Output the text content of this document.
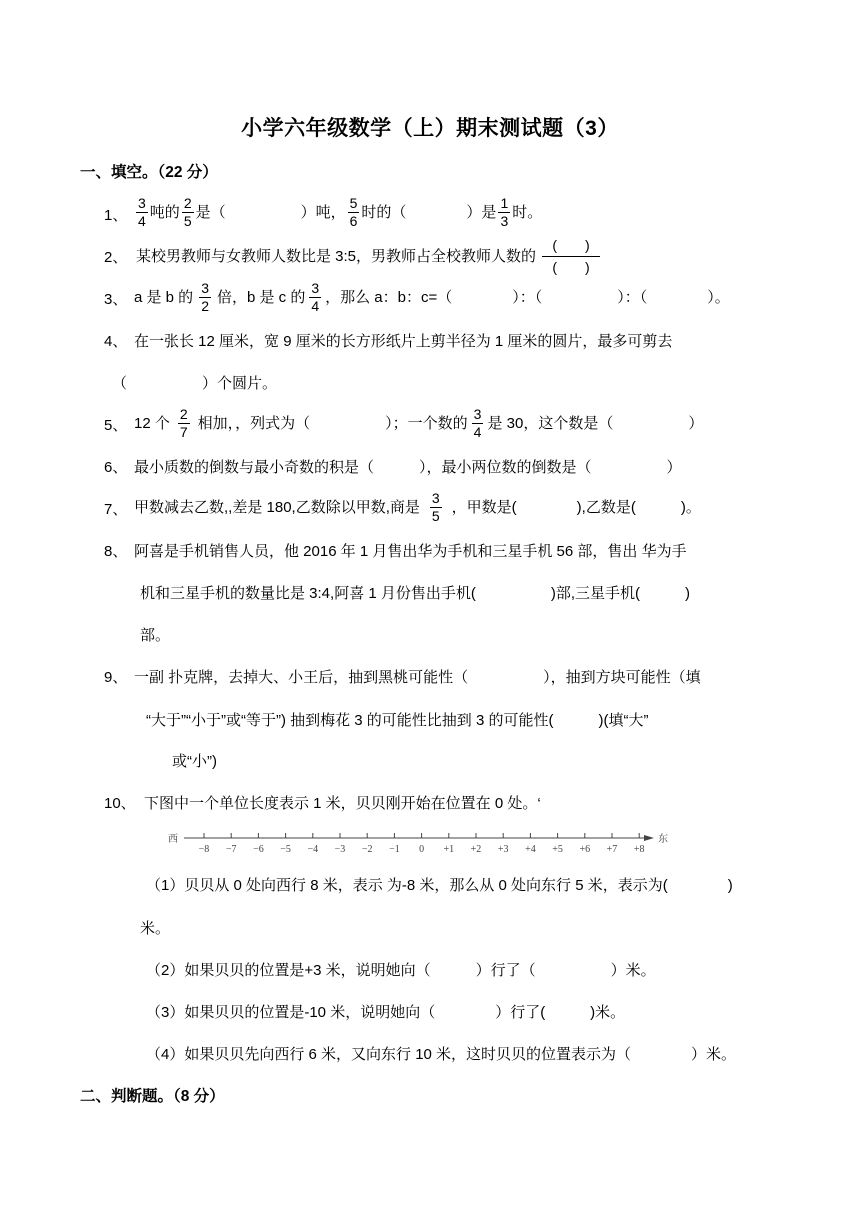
小学六年级数学（上）期末测试题（3）
一、填空。（22 分）
1、 $\frac{3}{4}$ 吨的 $\frac{2}{5}$ 是（　　　　　）吨， $\frac{5}{6}$ 时的（　　　　）是 $\frac{1}{3}$ 时。
2、 某校男教师与女教师人数比是 3:5，男教师占全校教师人数的
(　　)
(　　)
3、 a 是 b 的 $\frac{3}{2}$ 倍，b 是 c 的 $\frac{3}{4}$ ，那么 a：b：c=（　　　　）：（　　　　　）：（　　　　）。
4、 在一张长 12 厘米，宽 9 厘米的长方形纸片上剪半径为 1 厘米的圆片，最多可剪去
（　　　　　）个圆片。
5、 12 个 $\frac{2}{7}$ 相加，，列式为（　　　　　）；一个数的 $\frac{3}{4}$ 是 30，这个数是（　　　　　）
6、 最小质数的倒数与最小奇数的积是（　　　），最小两位数的倒数是（　　　　　）
7、 甲数减去乙数,,差是 180,乙数除以甲数,商是 $\frac{3}{5}$ ，甲数是(　　　　),乙数是(　　　)。
8、 阿喜是手机销售人员，他 2016 年 1 月售出华为手机和三星手机 56 部，售出 华为手
机和三星手机的数量比是 3:4,阿喜 1 月份售出手机(　　　　　)部,三星手机(　　　)
部。
9、 一副 扑克牌，去掉大、小王后，抽到黑桃可能性（　　　　　），抽到方块可能性（填
“大于”“小于”或“等于”) 抽到梅花 3 的可能性比抽到 3 的可能性(　　　)(填“大”
或“小”)
10、 下图中一个单位长度表示 1 米，贝贝刚开始在位置在 0 处。‘
西	东
−8 −7 −6 −5 −4 −3 −2 −1 0 +1 +2 +3 +4 +5 +6 +7 +8
（1）贝贝从 0 处向西行 8 米，表示 为-8 米，那么从 0 处向东行 5 米，表示为(　　　　)
米。
（2）如果贝贝的位置是+3 米，说明她向（　　　）行了（　　　　　）米。
（3）如果贝贝的位置是-10 米，说明她向（　　　　）行了(　　　)米。
（4）如果贝贝先向西行 6 米，又向东行 10 米，这时贝贝的位置表示为（　　　　）米。
二、判断题。（8 分）
